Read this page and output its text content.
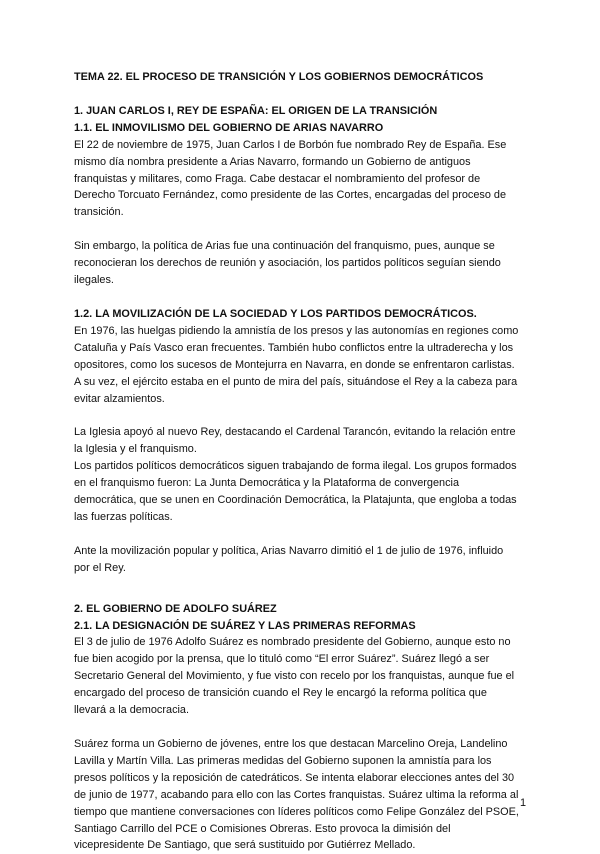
TEMA 22. EL PROCESO DE TRANSICIÓN Y LOS GOBIERNOS DEMOCRÁTICOS
1. JUAN CARLOS I, REY DE ESPAÑA: EL ORIGEN DE LA TRANSICIÓN
1.1. EL INMOVILISMO DEL GOBIERNO DE ARIAS NAVARRO
El 22 de noviembre de 1975, Juan Carlos I de Borbón fue nombrado Rey de España. Ese
mismo día nombra presidente a Arias Navarro, formando un Gobierno de antiguos
franquistas y militares, como Fraga. Cabe destacar el nombramiento del profesor de
Derecho Torcuato Fernández, como presidente de las Cortes, encargadas del proceso de
transición.
Sin embargo, la política de Arias fue una continuación del franquismo, pues, aunque se
reconocieran los derechos de reunión y asociación, los partidos políticos seguían siendo
ilegales.
1.2. LA MOVILIZACIÓN DE LA SOCIEDAD Y LOS PARTIDOS DEMOCRÁTICOS.
En 1976, las huelgas pidiendo la amnistía de los presos y las autonomías en regiones como
Cataluña y País Vasco eran frecuentes. También hubo conflictos entre la ultraderecha y los
opositores, como los sucesos de Montejurra en Navarra, en donde se enfrentaron carlistas.
A su vez, el ejército estaba en el punto de mira del país, situándose el Rey a la cabeza para
evitar alzamientos.
La Iglesia apoyó al nuevo Rey, destacando el Cardenal Tarancón, evitando la relación entre
la Iglesia y el franquismo.
Los partidos políticos democráticos siguen trabajando de forma ilegal. Los grupos formados
en el franquismo fueron: La Junta Democrática y la Plataforma de convergencia
democrática, que se unen en Coordinación Democrática, la Platajunta, que engloba a todas
las fuerzas políticas.
Ante la movilización popular y política, Arias Navarro dimitió el 1 de julio de 1976, influido
por el Rey.
2. EL GOBIERNO DE ADOLFO SUÁREZ
2.1. LA DESIGNACIÓN DE SUÁREZ Y LAS PRIMERAS REFORMAS
El 3 de julio de 1976 Adolfo Suárez es nombrado presidente del Gobierno, aunque esto no
fue bien acogido por la prensa, que lo tituló como “El error Suárez”. Suárez llegó a ser
Secretario General del Movimiento, y fue visto con recelo por los franquistas, aunque fue el
encargado del proceso de transición cuando el Rey le encargó la reforma política que
llevará a la democracia.
Suárez forma un Gobierno de jóvenes, entre los que destacan Marcelino Oreja, Landelino
Lavilla y Martín Villa. Las primeras medidas del Gobierno suponen la amnistía para los
presos políticos y la reposición de catedráticos. Se intenta elaborar elecciones antes del 30
de junio de 1977, acabando para ello con las Cortes franquistas. Suárez ultima la reforma al
tiempo que mantiene conversaciones con líderes políticos como Felipe González del PSOE,
Santiago Carrillo del PCE o Comisiones Obreras. Esto provoca la dimisión del
vicepresidente De Santiago, que será sustituido por Gutiérrez Mellado.
1
